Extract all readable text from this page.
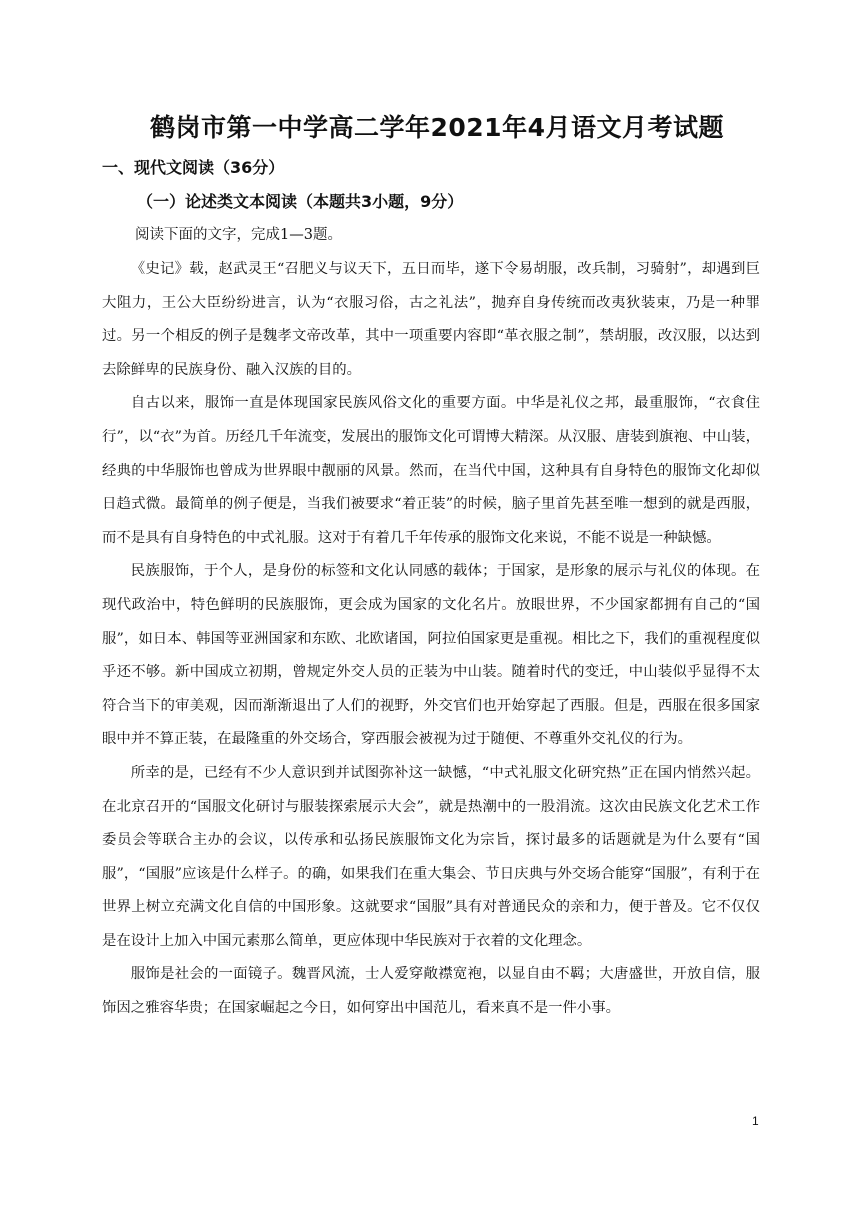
鹤岗市第一中学高二学年2021年4月语文月考试题
一、现代文阅读（36分）
（一）论述类文本阅读（本题共3小题，9分）
阅读下面的文字，完成1—3题。

《史记》载，赵武灵王“召肥义与议天下，五日而毕，遂下令易胡服，改兵制，习骑射”，却遇到巨大阻力，王公大臣纷纷进言，认为“衣服习俗，古之礼法”，抛弃自身传统而改夷狄装束，乃是一种罪过。另一个相反的例子是魏孝文帝改革，其中一项重要内容即“革衣服之制”，禁胡服，改汉服，以达到去除鲜卑的民族身份、融入汉族的目的。

自古以来，服饰一直是体现国家民族风俗文化的重要方面。中华是礼仪之邦，最重服饰，“衣食住行”，以“衣”为首。历经几千年流变，发展出的服饰文化可谓博大精深。从汉服、唐装到旗袍、中山装，经典的中华服饰也曾成为世界眼中靓丽的风景。然而，在当代中国，这种具有自身特色的服饰文化却似日趋式微。最简单的例子便是，当我们被要求“着正装”的时候，脑子里首先甚至唯一想到的就是西服，而不是具有自身特色的中式礼服。这对于有着几千年传承的服饰文化来说，不能不说是一种缺憾。

民族服饰，于个人，是身份的标签和文化认同感的载体；于国家，是形象的展示与礼仪的体现。在现代政治中，特色鲜明的民族服饰，更会成为国家的文化名片。放眼世界，不少国家都拥有自己的“国服”，如日本、韩国等亚洲国家和东欧、北欧诸国，阿拉伯国家更是重视。相比之下，我们的重视程度似乎还不够。新中国成立初期，曾规定外交人员的正装为中山装。随着时代的变迁，中山装似乎显得不太符合当下的审美观，因而渐渐退出了人们的视野，外交官们也开始穿起了西服。但是，西服在很多国家眼中并不算正装，在最隆重的外交场合，穿西服会被视为过于随便、不尊重外交礼仪的行为。

所幸的是，已经有不少人意识到并试图弥补这一缺憾，“中式礼服文化研究热”正在国内悄然兴起。在北京召开的“国服文化研讨与服装探索展示大会”，就是热潮中的一股涓流。这次由民族文化艺术工作委员会等联合主办的会议，以传承和弘扬民族服饰文化为宗旨，探讨最多的话题就是为什么要有“国服”，“国服”应该是什么样子。的确，如果我们在重大集会、节日庆典与外交场合能穿“国服”，有利于在世界上树立充满文化自信的中国形象。这就要求“国服”具有对普通民众的亲和力，便于普及。它不仅仅是在设计上加入中国元素那么简单，更应体现中华民族对于衣着的文化理念。

服饰是社会的一面镜子。魏晋风流，士人爱穿敞襟宽袍，以显自由不羁；大唐盛世，开放自信，服饰因之雅容华贵；在国家崛起之今日，如何穿出中国范儿，看来真不是一件小事。

1
